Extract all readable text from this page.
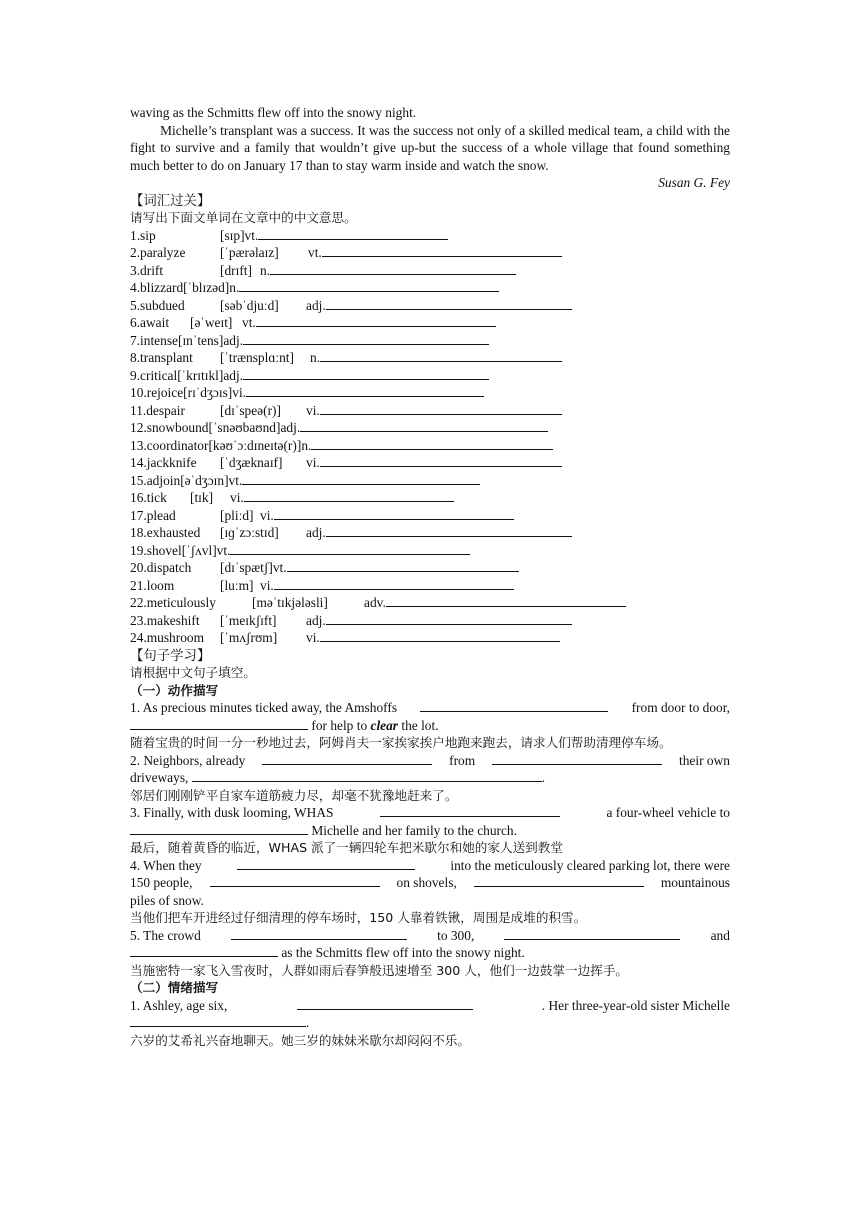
waving as the Schmitts flew off into the snowy night.

Michelle’s transplant was a success. It was the success not only of a skilled medical team, a child with the fight to survive and a family that wouldn’t give up-but the success of a whole village that found something much better to do on January 17 than to stay warm inside and watch the snow.

Susan G. Fey

【词汇过关】

请写出下面文单词在文章中的中文意思。

1.sip	[sɪp] vt.
2.paralyze	[ˈpærəlaɪz]	vt.
3.drift	[drɪft] n.
4.blizzard [ˈblɪzəd] n.
5.subdued	[səbˈdjuːd]	adj.
6.await	[əˈweɪt] vt.
7.intense [ɪnˈtens] adj.
8.transplant	[ˈtrænsplɑːnt]	n.
9.critical [ˈkrɪtɪkl] adj.
10.rejoice [rɪˈdʒɔɪs] vi.
11.despair	[dɪˈspeə(r)]	vi.
12.snowbound [ˈsnəʊbaʊnd] adj.
13.coordinator [kəʊˈɔːdɪneɪtə(r)] n.
14.jackknife	[ˈdʒæknaɪf]	vi.
15.adjoin [əˈdʒɔɪn] vt.
16.tick	[tɪk]	vi.
17.plead	[pliːd] vi.
18.exhausted	[ɪɡˈzɔːstɪd]	adj.
19.shovel [ˈʃʌvl] vt.
20.dispatch	[dɪˈspætʃ] vt.
21.loom	[luːm] vi.
22.meticulously	[məˈtɪkjələsli]	adv.
23.makeshift	[ˈmeɪkʃɪft]	adj.
24.mushroom	[ˈmʌʃrʊm]	vi.

【句子学习】

请根据中文句子填空。

（一）动作描写

1. As precious minutes ticked away, the Amshoffs	from door to door,

for help to
clear
the lot.

随着宝贵的时间一分一秒地过去，阿姆肖夫一家挨家挨户地跑来跑去，请求人们帮助清理停车场。

2. Neighbors, already	from	their own
driveways,
	.

邻居们刚刚铲平自家车道筋疲力尽，却毫不犹豫地赶来了。

3. Finally, with dusk looming, WHAS	a four-wheel vehicle to

Michelle and her family to the church.

最后，随着黄昏的临近，WHAS 派了一辆四轮车把米歇尔和她的家人送到教堂

4. When they	into the meticulously cleared parking lot, there were
150 people,	on shovels,	mountainous
piles of snow.

当他们把车开进经过仔细清理的停车场时，150 人靠着铁锹，周围是成堆的积雪。

5. The crowd	to 300,	and

as the Schmitts flew off into the snowy night.

当施密特一家飞入雪夜时，人群如雨后春笋般迅速增至 300 人，他们一边鼓掌一边挥手。

（二）情绪描写

1. Ashley, age six,	. Her three-year-old sister Michelle
.

六岁的艾希礼兴奋地聊天。她三岁的妹妹米歇尔却闷闷不乐。
